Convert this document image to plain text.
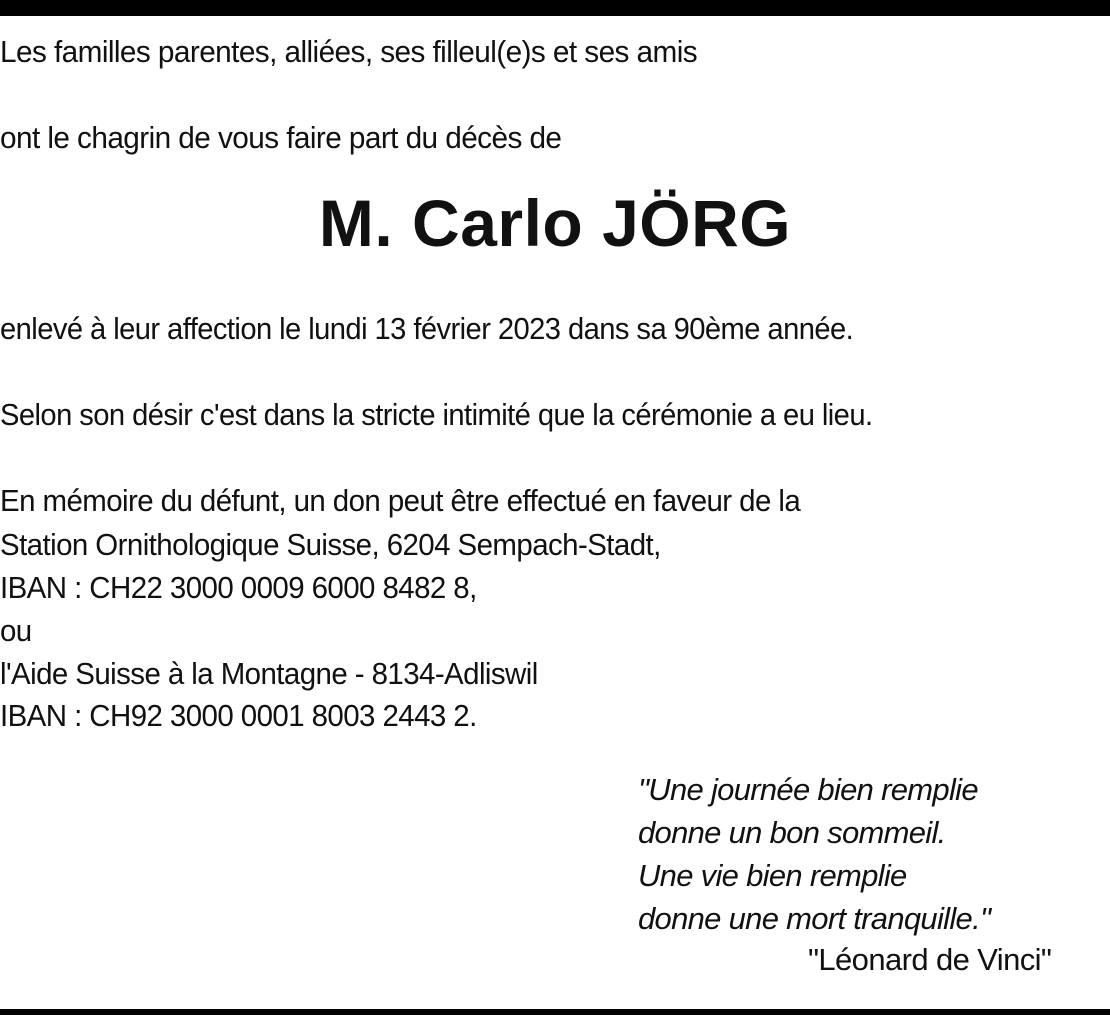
Les familles parentes, alliées, ses filleul(e)s et ses amis
ont le chagrin de vous faire part du décès de
M. Carlo JÖRG
enlevé à leur affection le lundi 13 février 2023 dans sa 90ème année.
Selon son désir c'est dans la stricte intimité que la cérémonie a eu lieu.
En mémoire du défunt, un don peut être effectué en faveur de la
Station Ornithologique Suisse, 6204 Sempach-Stadt,
IBAN : CH22 3000 0009 6000 8482 8,
ou
l'Aide Suisse à la Montagne - 8134-Adliswil
IBAN : CH92 3000 0001 8003 2443 2.
"Une journée bien remplie
donne un bon sommeil.
Une vie bien remplie
donne une mort tranquille."
"Léonard de Vinci"
